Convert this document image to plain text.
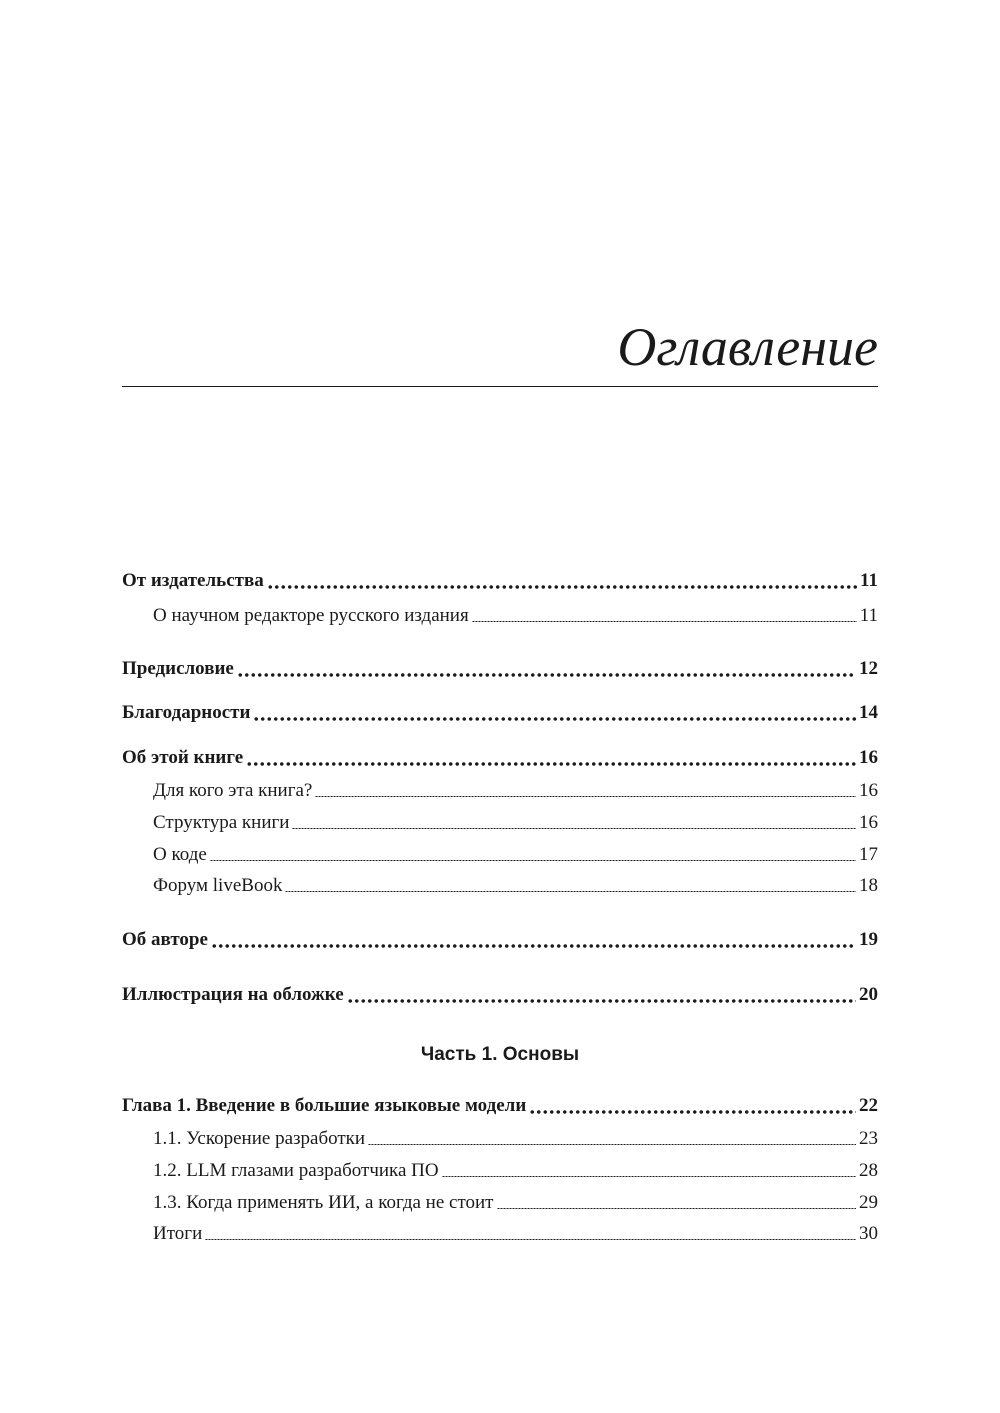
Оглавление
От издательства	11
О научном редакторе русского издания	11
Предисловие	12
Благодарности	14
Об этой книге	16
Для кого эта книга?	16
Структура книги	16
О коде	17
Форум liveBook	18
Об авторе	19
Иллюстрация на обложке	20
Часть 1. Основы
Глава 1. Введение в большие языковые модели	22
1.1. Ускорение разработки	23
1.2. LLM глазами разработчика ПО	28
1.3. Когда применять ИИ, а когда не стоит	29
Итоги	30
